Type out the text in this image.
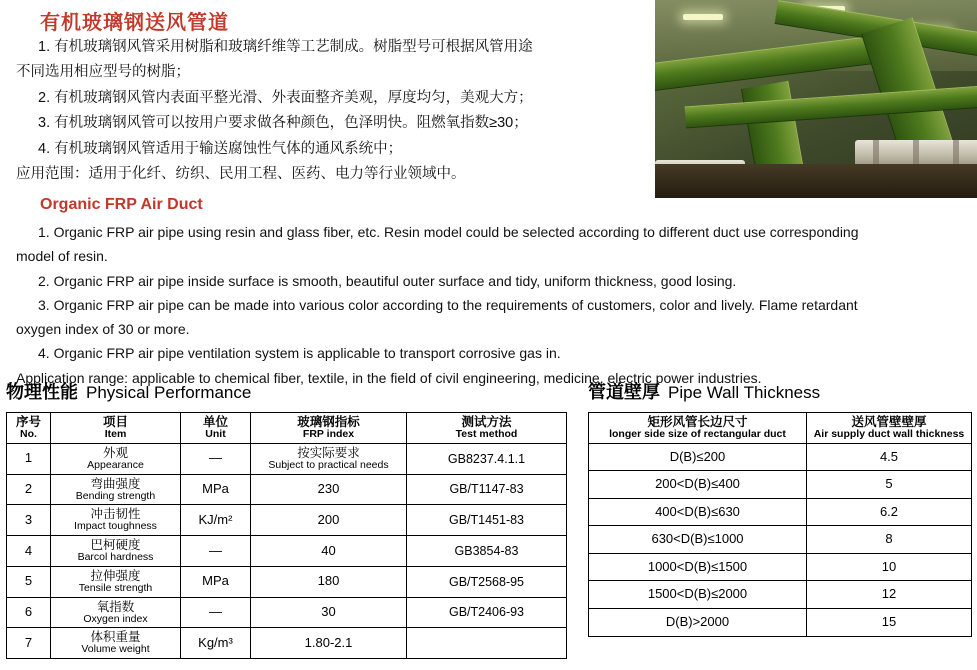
有机玻璃钢送风管道

1. 有机玻璃钢风管采用树脂和玻璃纤维等工艺制成。树脂型号可根据风管用途

不同选用相应型号的树脂；

2. 有机玻璃钢风管内表面平整光滑、外表面整齐美观，厚度均匀，美观大方；

3. 有机玻璃钢风管可以按用户要求做各种颜色，色泽明快。阻燃氧指数≥30；

4. 有机玻璃钢风管适用于输送腐蚀性气体的通风系统中；

应用范围：适用于化纤、纺织、民用工程、医药、电力等行业领域中。

Organic FRP Air Duct

1. Organic FRP air pipe using resin and glass fiber, etc. Resin model could be selected according to different duct use corresponding

model of resin.

2. Organic FRP air pipe inside surface is smooth, beautiful outer surface and tidy, uniform thickness, good losing.

3. Organic FRP air pipe can be made into various color according to the requirements of customers, color and lively. Flame retardant

oxygen index of 30 or more.

4. Organic FRP air pipe ventilation system is applicable to transport corrosive gas in.

Application range: applicable to chemical fiber, textile, in the field of civil engineering, medicine, electric power industries.

物理性能 Physical Performance	管道壁厚 Pipe Wall Thickness
序号
No.	项目
Item	单位
Unit	玻璃钢指标
FRP index	测试方法
Test method

1	外观
Appearance	—	按实际要求
Subject to practical needs	GB8237.4.1.1
2	弯曲强度
Bending strength	MPa	230	GB/T1147-83
3	冲击韧性
Impact toughness	KJ/m²	200	GB/T1451-83
4	巴柯硬度
Barcol hardness	—	40	GB3854-83
5	拉伸强度
Tensile strength	MPa	180	GB/T2568-95
6	氧指数
Oxygen index	—	30	GB/T2406-93
7	体积重量
Volume weight	Kg/m³	1.80-2.1	
矩形风管长边尺寸
longer side size of rectangular duct	送风管壁壁厚
Air supply duct wall thickness

D(B)≤200	4.5
200<D(B)≤400	5
400<D(B)≤630	6.2
630<D(B)≤1000	8
1000<D(B)≤1500	10
1500<D(B)≤2000	12
D(B)>2000	15
